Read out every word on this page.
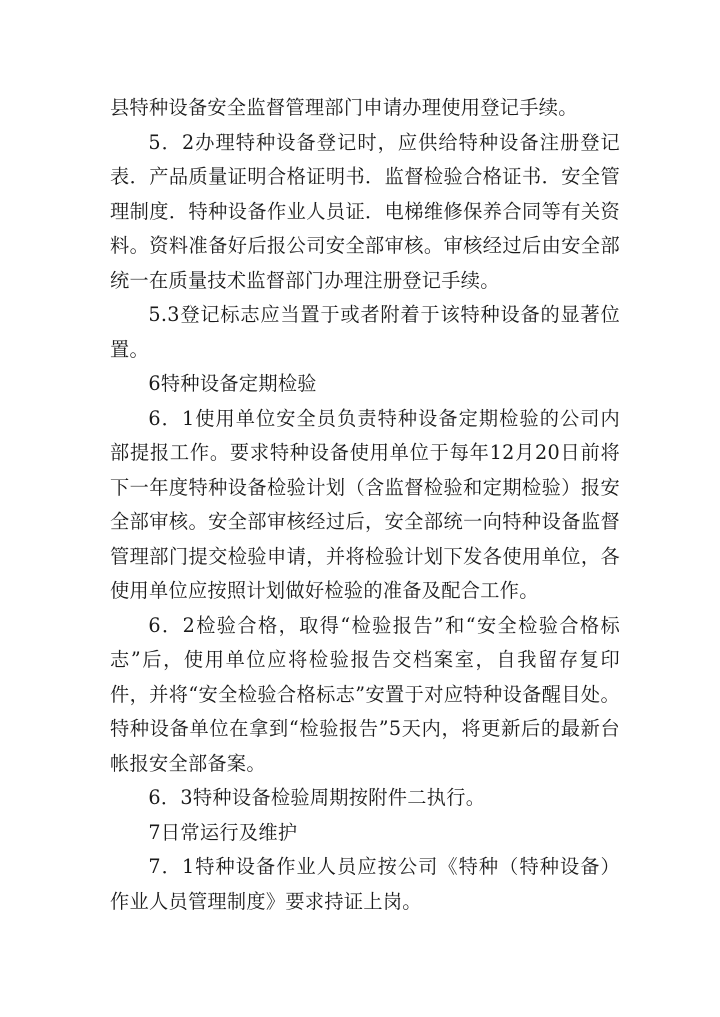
县特种设备安全监督管理部门申请办理使用登记手续。

5．2办理特种设备登记时，应供给特种设备注册登记表．产品质量证明合格证明书．监督检验合格证书．安全管理制度．特种设备作业人员证．电梯维修保养合同等有关资料。资料准备好后报公司安全部审核。审核经过后由安全部统一在质量技术监督部门办理注册登记手续。

5.3登记标志应当置于或者附着于该特种设备的显著位置。

6特种设备定期检验

6．1使用单位安全员负责特种设备定期检验的公司内部提报工作。要求特种设备使用单位于每年12月20日前将下一年度特种设备检验计划（含监督检验和定期检验）报安全部审核。安全部审核经过后，安全部统一向特种设备监督管理部门提交检验申请，并将检验计划下发各使用单位，各使用单位应按照计划做好检验的准备及配合工作。

6．2检验合格，取得“检验报告”和“安全检验合格标志”后，使用单位应将检验报告交档案室，自我留存复印件，并将“安全检验合格标志”安置于对应特种设备醒目处。特种设备单位在拿到“检验报告”5天内，将更新后的最新台帐报安全部备案。

6．3特种设备检验周期按附件二执行。

7日常运行及维护

7．1特种设备作业人员应按公司《特种（特种设备）作业人员管理制度》要求持证上岗。
